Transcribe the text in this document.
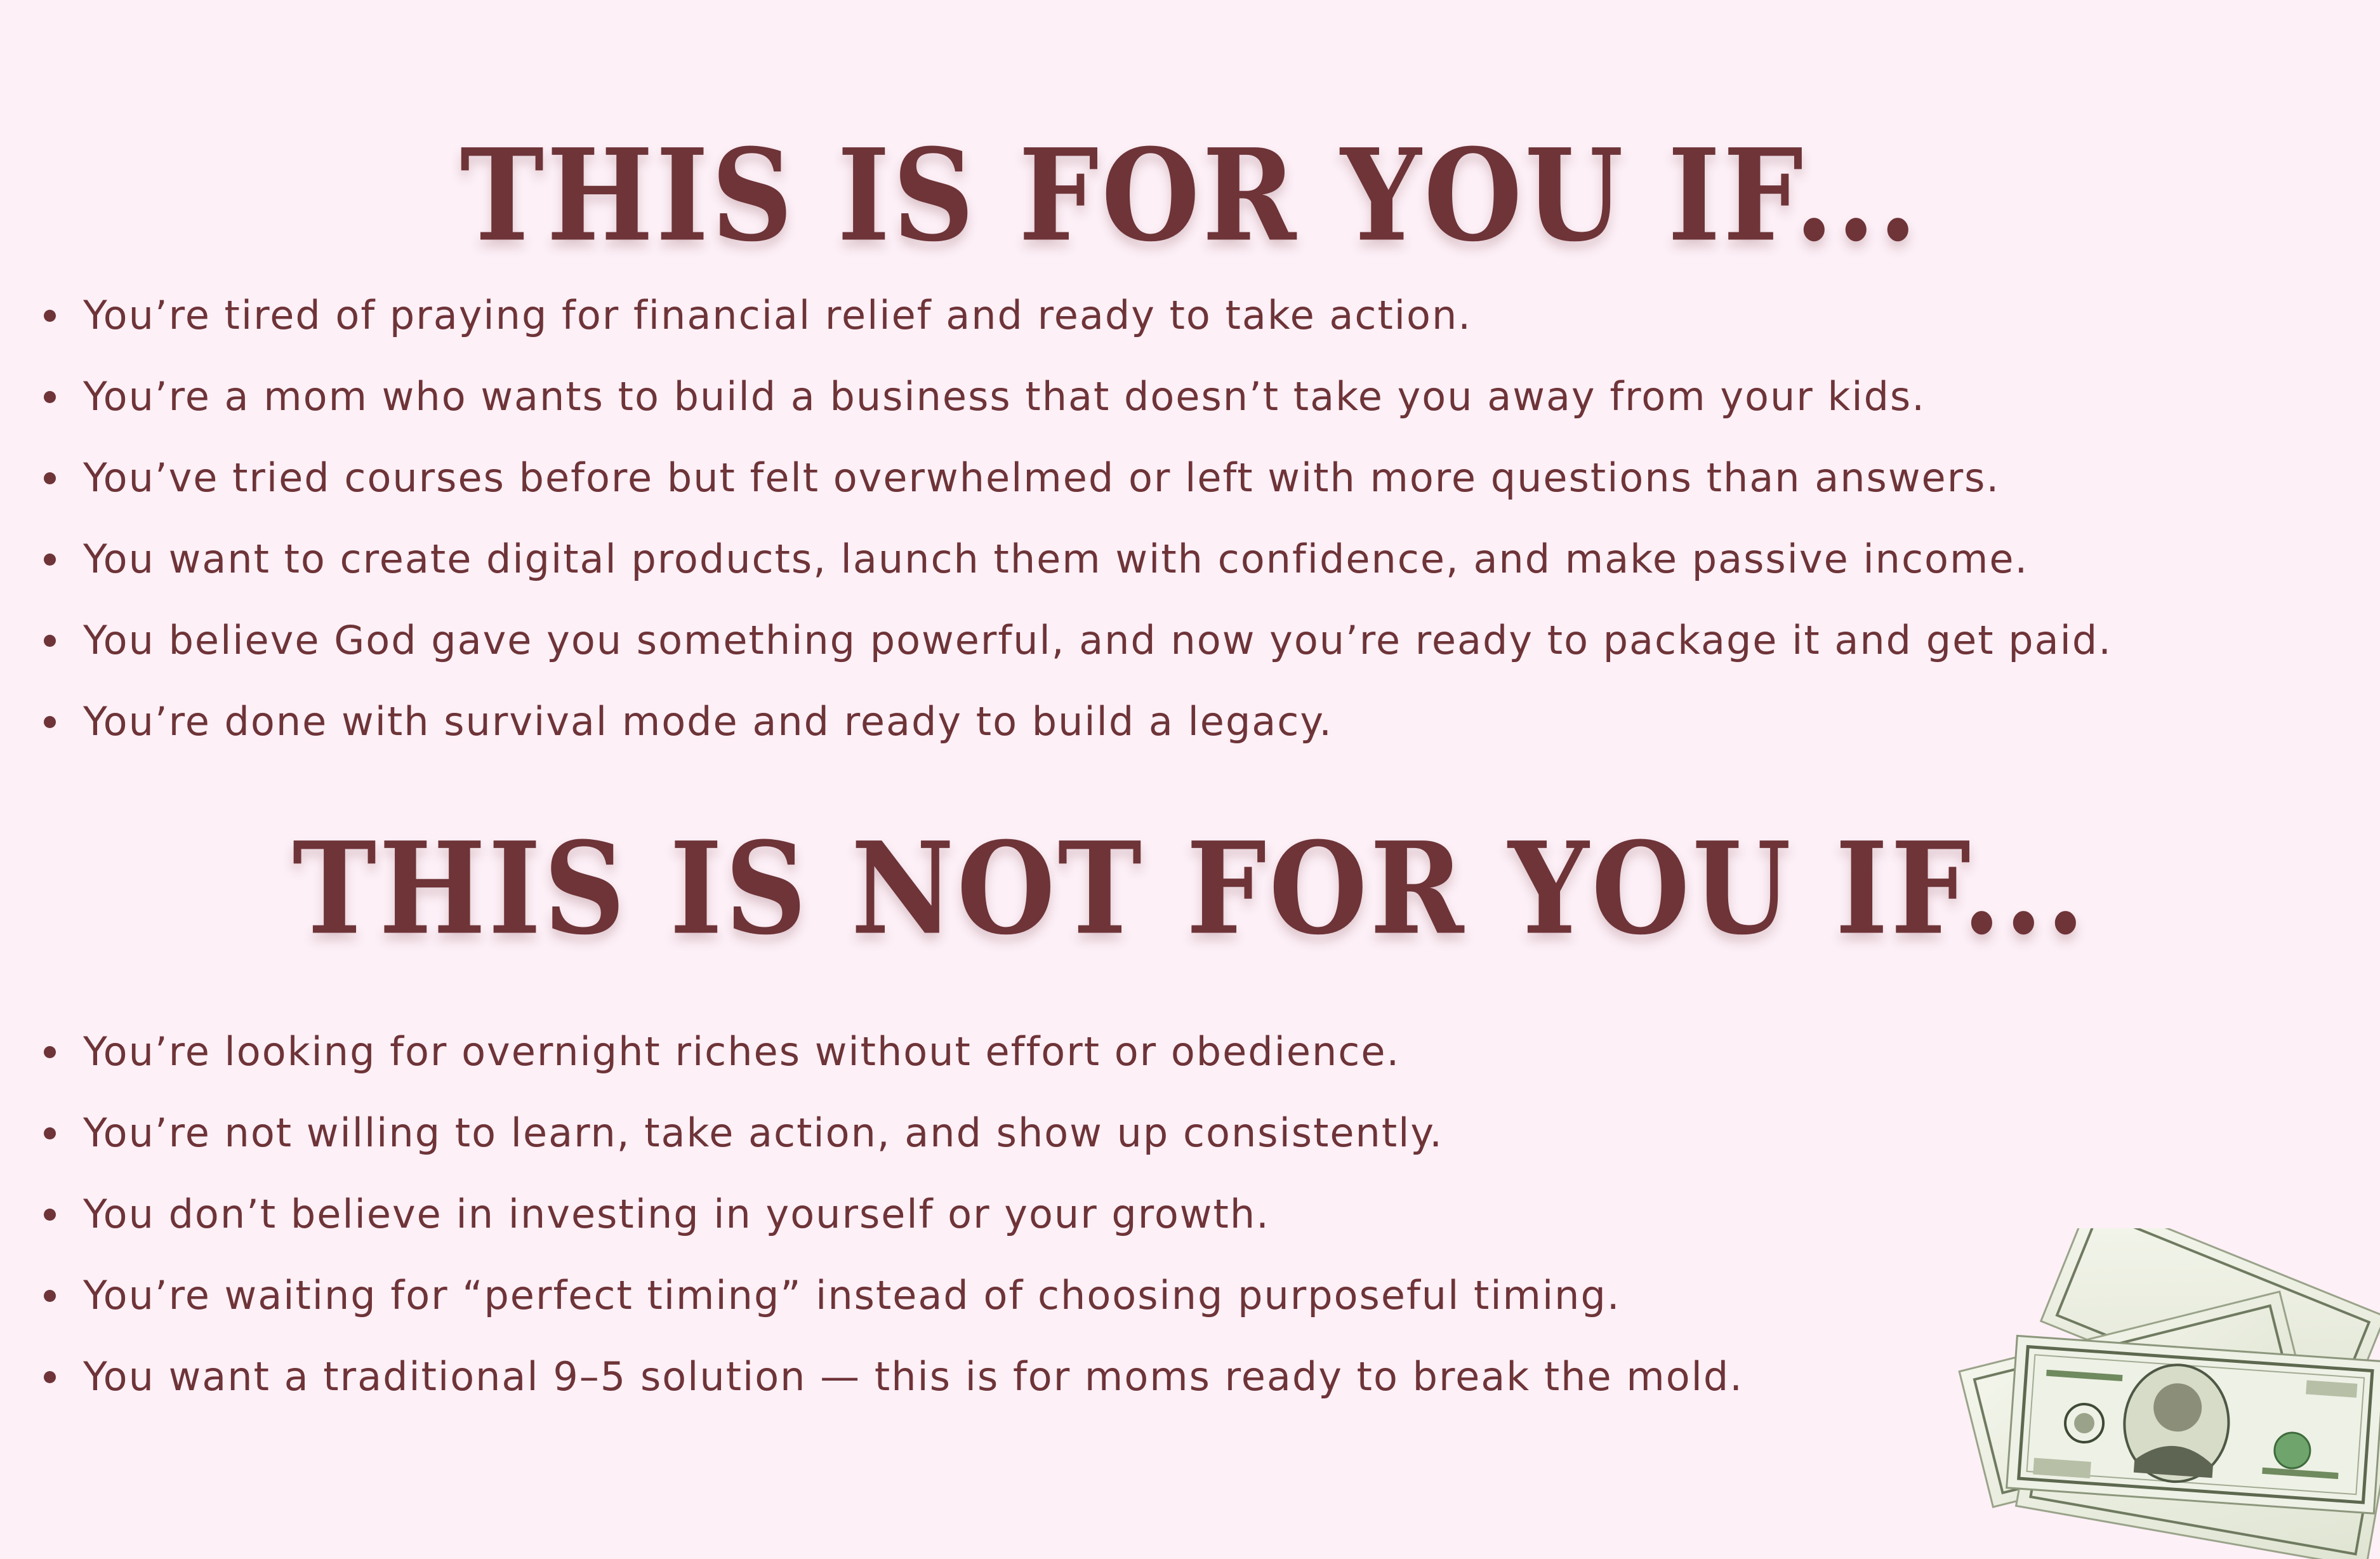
THIS IS FOR YOU IF...
You’re tired of praying for financial relief and ready to take action.
You’re a mom who wants to build a business that doesn’t take you away from your kids.
You’ve tried courses before but felt overwhelmed or left with more questions than answers.
You want to create digital products, launch them with confidence, and make passive income.
You believe God gave you something powerful, and now you’re ready to package it and get paid.
You’re done with survival mode and ready to build a legacy.
THIS IS NOT FOR YOU IF...
You’re looking for overnight riches without effort or obedience.
You’re not willing to learn, take action, and show up consistently.
You don’t believe in investing in yourself or your growth.
You’re waiting for “perfect timing” instead of choosing purposeful timing.
You want a traditional 9–5 solution — this is for moms ready to break the mold.
